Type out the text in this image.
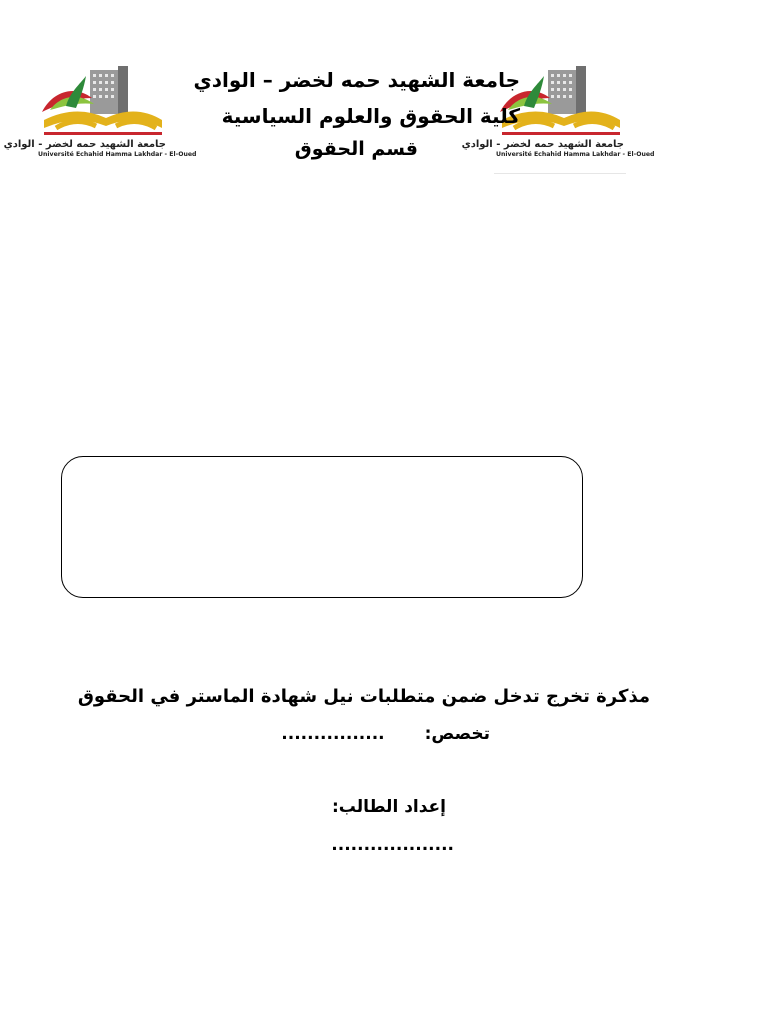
جامعة الشهيد حمه لخضر - الوادي
Université Echahid Hamma Lakhdar - El-Oued
جامعة الشهيد حمه لخضر - الوادي
Université Echahid Hamma Lakhdar - El-Oued
جامعة الشهيد حمه لخضر – الوادي
كلية الحقوق والعلوم السياسية
قسم الحقوق
مذكرة تخرج تدخل ضمن متطلبات نيل شهادة الماستر في الحقوق
تخصص:................
إعداد الطالب:
...................
